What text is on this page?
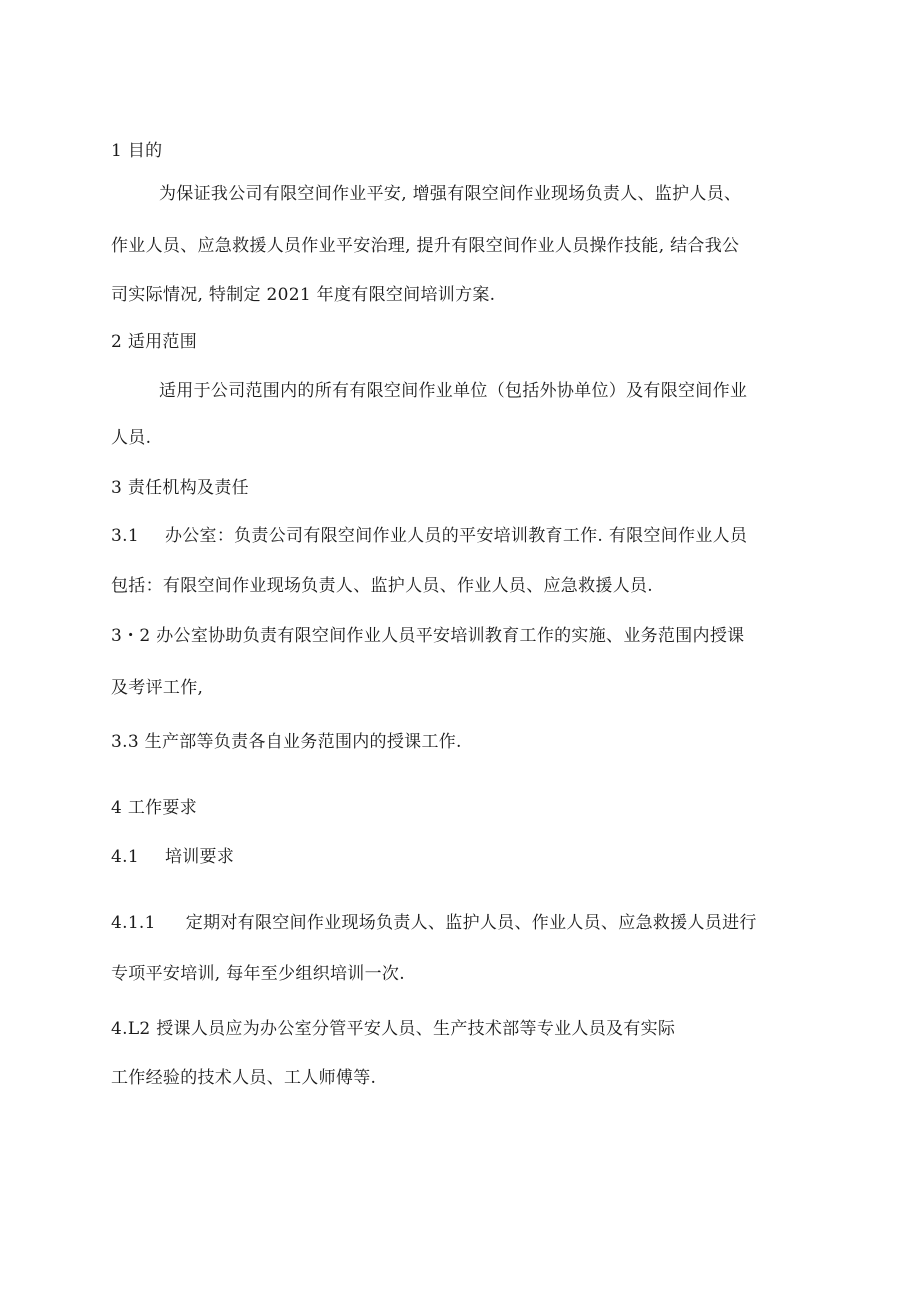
1 目的
为保证我公司有限空间作业平安, 增强有限空间作业现场负责人、监护人员、
作业人员、应急救援人员作业平安治理, 提升有限空间作业人员操作技能, 结合我公
司实际情况, 特制定 2021 年度有限空间培训方案.
2 适用范围
适用于公司范围内的所有有限空间作业单位（包括外协单位）及有限空间作业
人员.
3 责任机构及责任
3.1 办公室：负责公司有限空间作业人员的平安培训教育工作. 有限空间作业人员
包括：有限空间作业现场负责人、监护人员、作业人员、应急救援人员.
3・2 办公室协助负责有限空间作业人员平安培训教育工作的实施、业务范围内授课
及考评工作,
3.3 生产部等负责各自业务范围内的授课工作.
4 工作要求
4.1 培训要求
4.1.1 定期对有限空间作业现场负责人、监护人员、作业人员、应急救援人员进行
专项平安培训, 每年至少组织培训一次.
4.L2 授课人员应为办公室分管平安人员、生产技术部等专业人员及有实际
工作经验的技术人员、工人师傅等.
